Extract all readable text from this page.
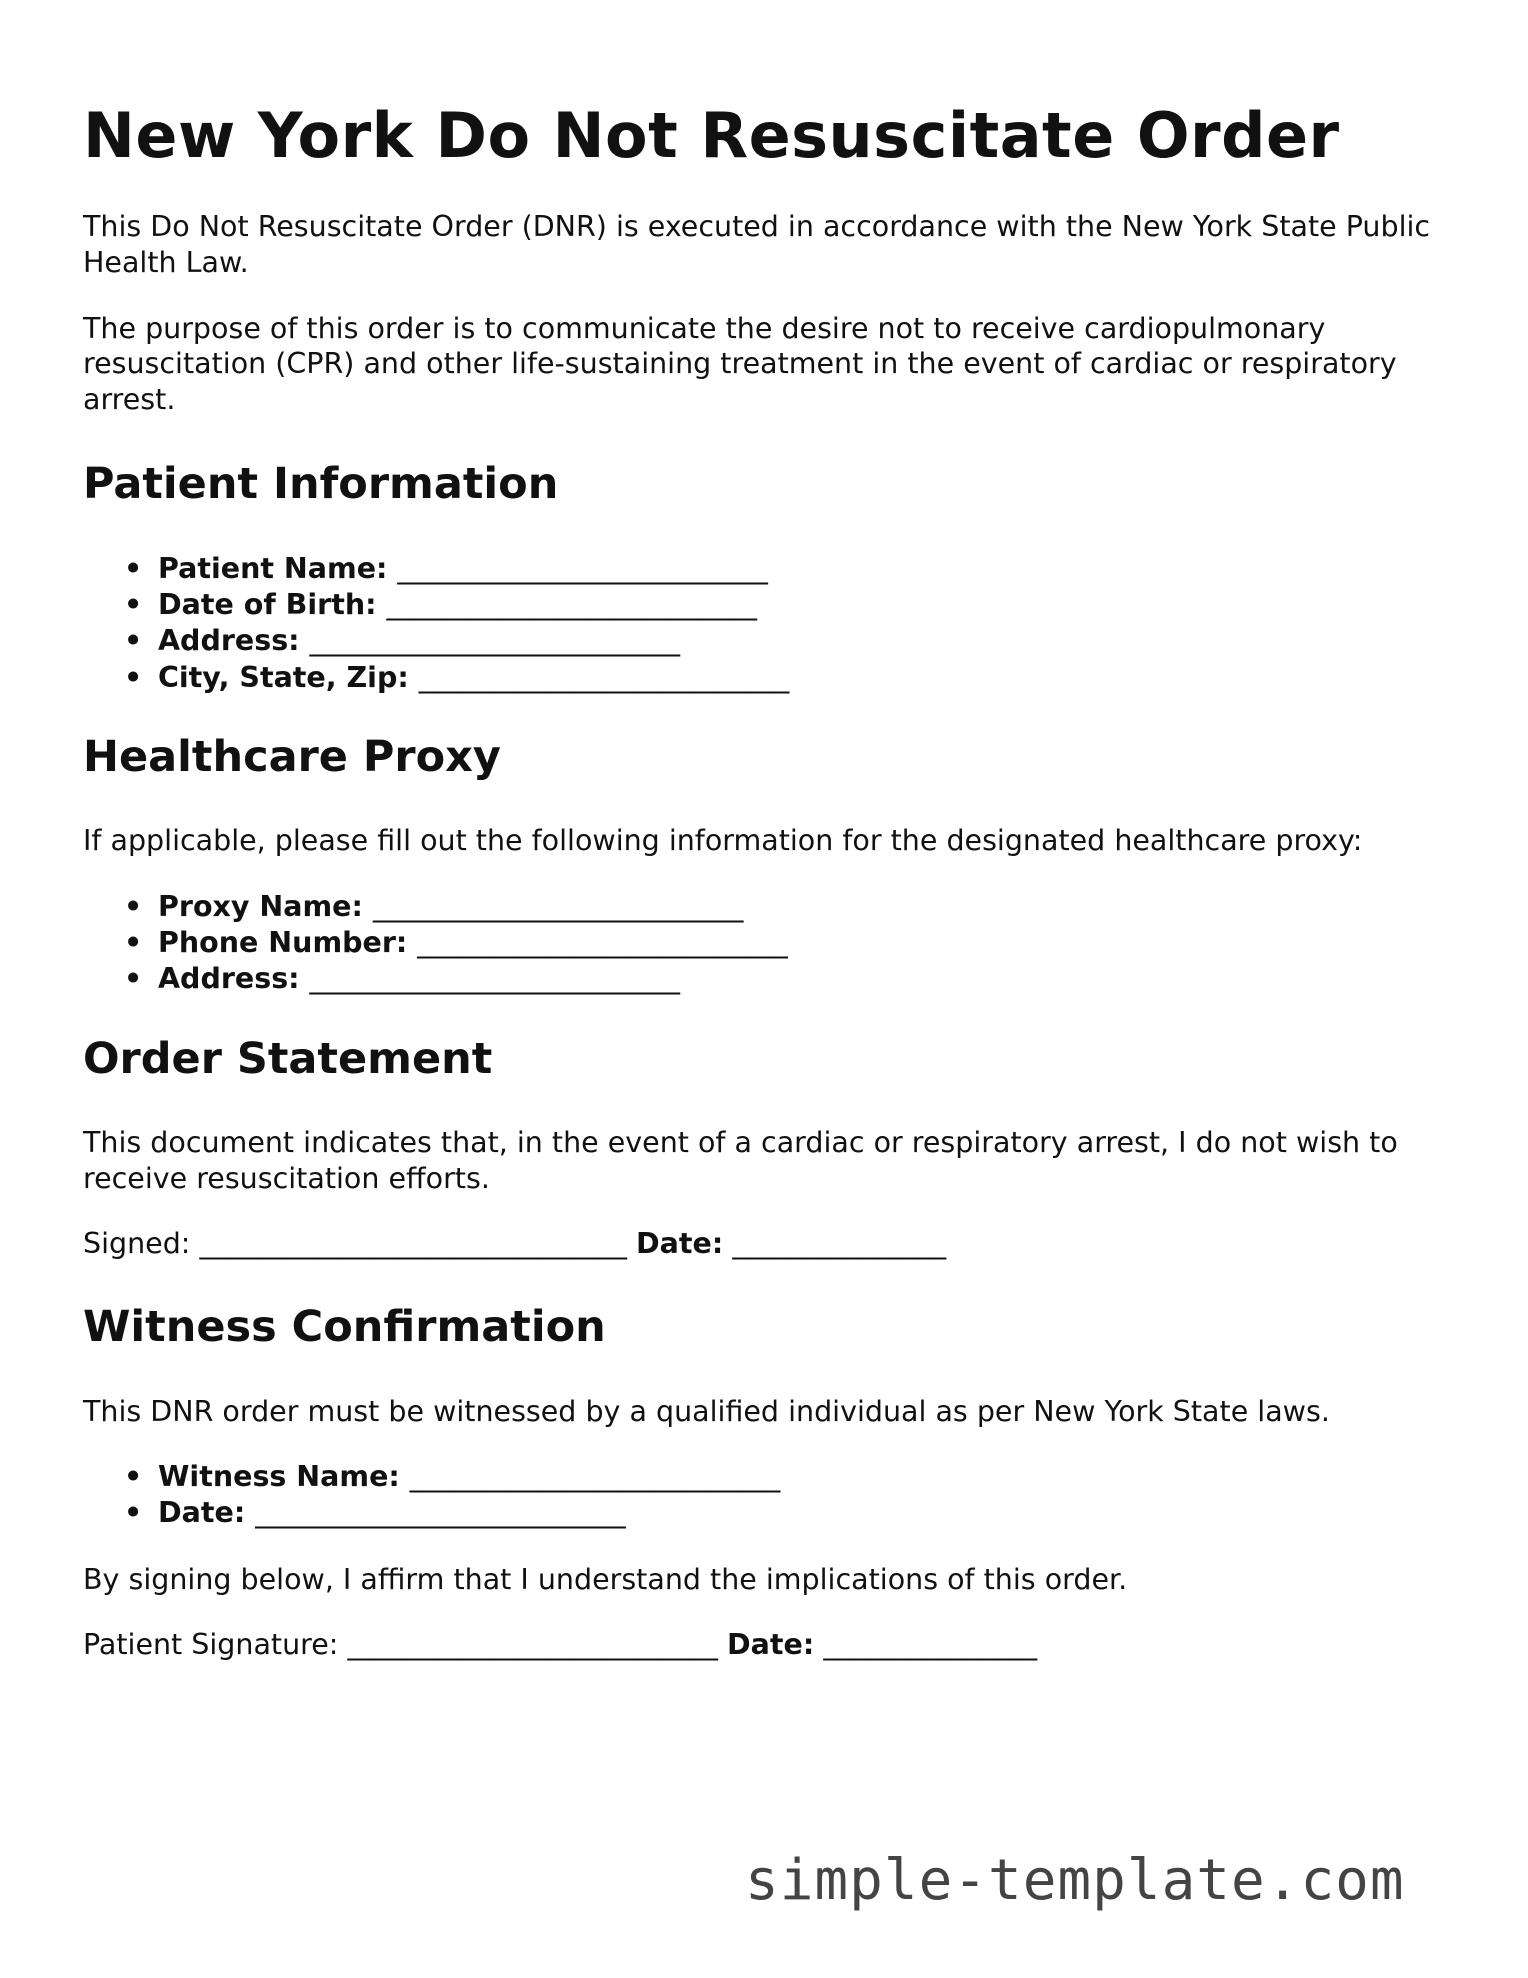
New York Do Not Resuscitate Order

This Do Not Resuscitate Order (DNR) is executed in accordance with the New York State Public Health Law.

The purpose of this order is to communicate the desire not to receive cardiopulmonary resuscitation (CPR) and other life-sustaining treatment in the event of cardiac or respiratory arrest.

Patient Information
• Patient Name: __________________________
• Date of Birth: __________________________
• Address: __________________________
• City, State, Zip: __________________________
Healthcare Proxy

If applicable, please fill out the following information for the designated healthcare proxy:

• Proxy Name: __________________________
• Phone Number: __________________________
• Address: __________________________
Order Statement

This document indicates that, in the event of a cardiac or respiratory arrest, I do not wish to receive resuscitation efforts.

Signed: ______________________________ Date: _______________

Witness Confirmation

This DNR order must be witnessed by a qualified individual as per New York State laws.

• Witness Name: __________________________
• Date: __________________________

By signing below, I affirm that I understand the implications of this order.

Patient Signature: __________________________ Date: _______________

simple-template.com
